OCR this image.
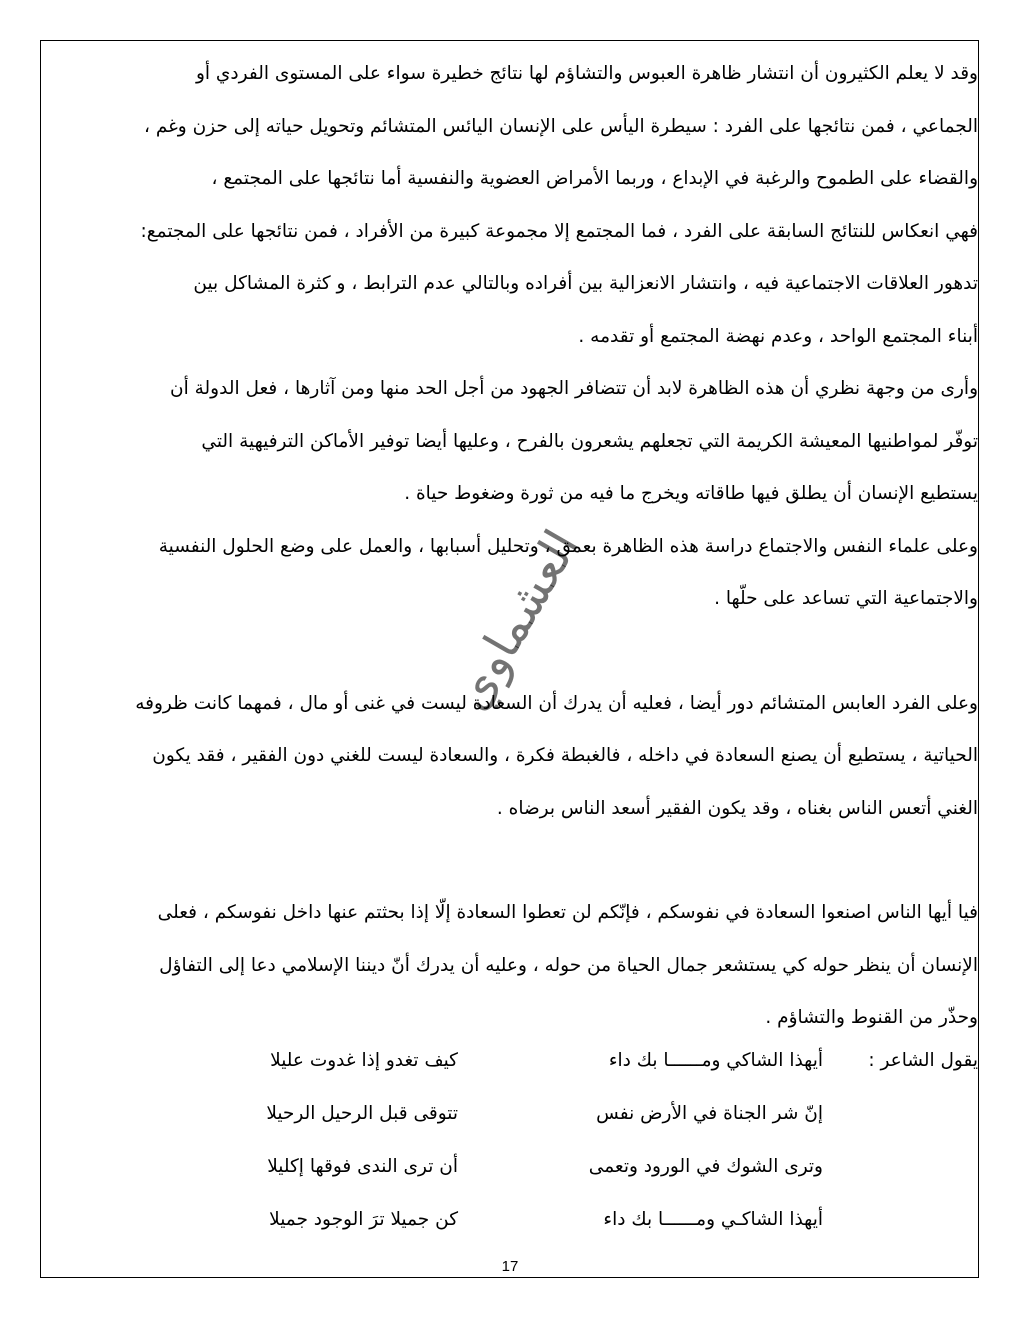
وقد لا يعلم الكثيرون أن انتشار ظاهرة العبوس والتشاؤم لها نتائج خطيرة سواء على المستوى الفردي أو
الجماعي ، فمن نتائجها على الفرد : سيطرة اليأس على الإنسان اليائس المتشائم وتحويل حياته إلى حزن وغم ،
والقضاء على الطموح والرغبة في الإبداع ، وربما الأمراض العضوية والنفسية أما نتائجها على المجتمع ،
فهي انعكاس للنتائج السابقة على الفرد ، فما المجتمع إلا مجموعة كبيرة من الأفراد ، فمن نتائجها على المجتمع:
تدهور العلاقات الاجتماعية فيه ، وانتشار الانعزالية بين أفراده وبالتالي عدم الترابط ، و كثرة المشاكل بين
أبناء المجتمع الواحد ، وعدم نهضة المجتمع أو تقدمه .
وأرى من وجهة نظري أن هذه الظاهرة لابد أن تتضافر الجهود من أجل الحد منها ومن آثارها ، فعل الدولة أن
توفّر لمواطنيها المعيشة الكريمة التي تجعلهم يشعرون بالفرح ، وعليها أيضا توفير الأماكن الترفيهية التي
يستطيع الإنسان أن يطلق فيها طاقاته ويخرج ما فيه من ثورة وضغوط حياة .
وعلى علماء النفس والاجتماع دراسة هذه الظاهرة بعمق ، وتحليل أسبابها ، والعمل على وضع الحلول النفسية
والاجتماعية التي تساعد على حلّها .
وعلى الفرد العابس المتشائم دور أيضا ، فعليه أن يدرك أن السعادة ليست في غنى أو مال ، فمهما كانت ظروفه
الحياتية ، يستطيع أن يصنع السعادة في داخله ، فالغبطة فكرة ، والسعادة ليست للغني دون الفقير ، فقد يكون
الغني أتعس الناس بغناه ، وقد يكون الفقير أسعد الناس برضاه .
فيا أيها الناس اصنعوا السعادة في نفوسكم ، فإنّكم لن تعطوا السعادة إلّا إذا بحثتم عنها داخل نفوسكم ، فعلى
الإنسان أن ينظر حوله كي يستشعر جمال الحياة من حوله ، وعليه أن يدرك أنّ ديننا الإسلامي دعا إلى التفاؤل
وحذّر من القنوط والتشاؤم .
يقول الشاعر :
أيهذا الشاكي ومــــــا بك داء
كيف تغدو إذا غدوت عليلا
إنّ شر الجناة في الأرض نفس
تتوقى قبل الرحيل الرحيلا
وترى الشوك في الورود وتعمى
أن ترى الندى فوقها إكليلا
أيهذا الشاكـي ومــــــا بك داء
كن جميلا ترَ الوجود جميلا
العشماوي
17
